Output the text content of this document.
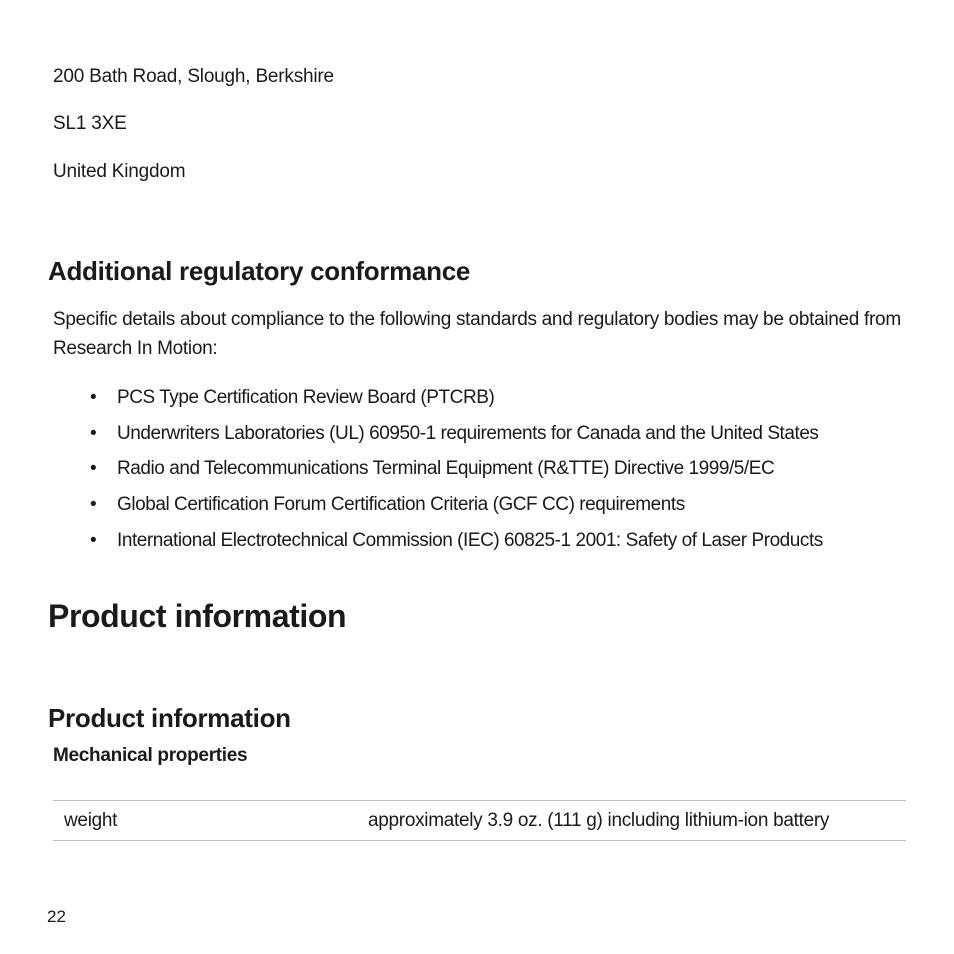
200 Bath Road, Slough, Berkshire
SL1 3XE
United Kingdom
Additional regulatory conformance
Specific details about compliance to the following standards and regulatory bodies may be obtained from Research In Motion:
• PCS Type Certification Review Board (PTCRB)
• Underwriters Laboratories (UL) 60950-1 requirements for Canada and the United States
• Radio and Telecommunications Terminal Equipment (R&TTE) Directive 1999/5/EC
• Global Certification Forum Certification Criteria (GCF CC) requirements
• International Electrotechnical Commission (IEC) 60825-1 2001: Safety of Laser Products
Product information
Product information
Mechanical properties
weight	approximately 3.9 oz. (111 g) including lithium-ion battery
22
